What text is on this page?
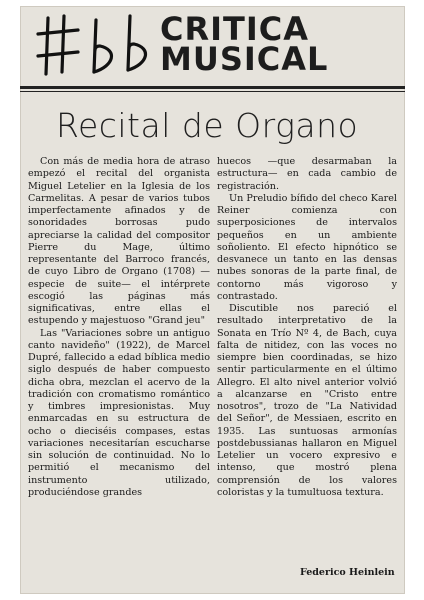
CRITICA
MUSICAL
Recital de Organo

Con más de media hora de atraso empezó el recital del organista Miguel Letelier en la Iglesia de los Carmelitas. A pesar de varios tubos imperfectamente afinados y de sonoridades borrosas pudo apreciarse la calidad del compositor Pierre du Mage, último representante del Barroco francés, de cuyo Libro de Organo (1708) —especie de suite— el intérprete escogió las páginas más significativas, entre ellas el estupendo y majestuoso "Grand jeu"

Las "Variaciones sobre un antiguo canto navideño" (1922), de Marcel Dupré, fallecido a edad bíblica medio siglo después de haber compuesto dicha obra, mezclan el acervo de la tradición con cromatismo romántico y timbres impresionistas. Muy enmarcadas en su estructura de ocho o dieciséis compases, estas variaciones necesitarían escucharse sin solución de continuidad. No lo permitió el mecanismo del instrumento utilizado, produciéndose grandes

huecos —que desarmaban la estructura— en cada cambio de registración.

Un Preludio bífido del checo Karel Reiner comienza con superposiciones de intervalos pequeños en un ambiente soñoliento. El efecto hipnótico se desvanece un tanto en las densas nubes sonoras de la parte final, de contorno más vigoroso y contrastado.

Discutible nos pareció el resultado interpretativo de la Sonata en Trío Nº 4, de Bach, cuya falta de nitidez, con las voces no siempre bien coordinadas, se hizo sentir particularmente en el último Allegro. El alto nivel anterior volvió a alcanzarse en "Cristo entre nosotros", trozo de "La Natividad del Señor", de Messiaen, escrito en 1935. Las suntuosas armonías postdebussianas hallaron en Miguel Letelier un vocero expresivo e intenso, que mostró plena comprensión de los valores coloristas y la tumultuosa textura.

Federico Heinlein
